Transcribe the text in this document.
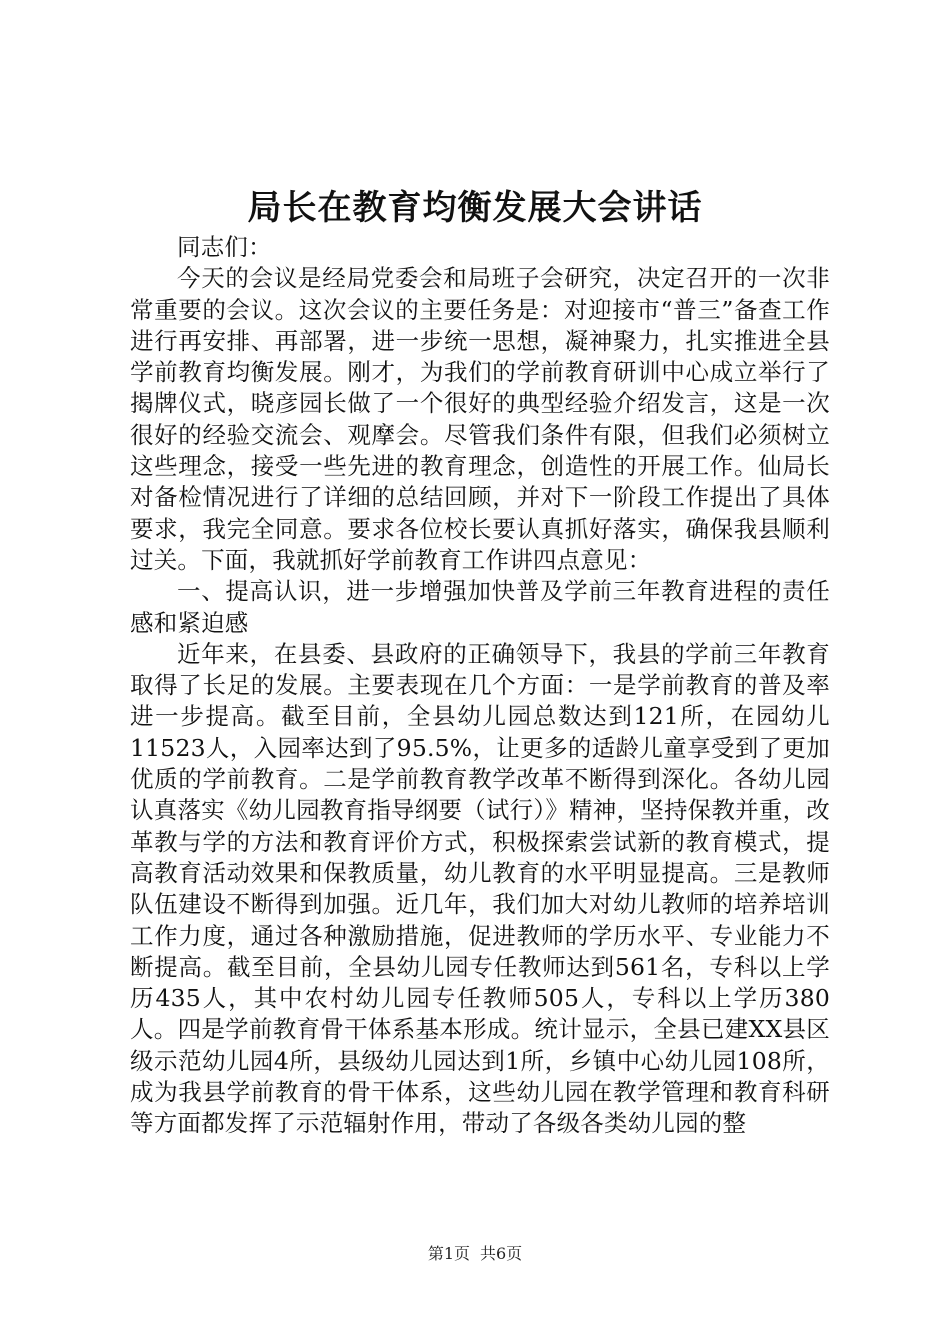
局长在教育均衡发展大会讲话

同志们：

今天的会议是经局党委会和局班子会研究，决定召开的一次非常重要的会议。这次会议的主要任务是：对迎接市“普三”备查工作进行再安排、再部署，进一步统一思想，凝神聚力，扎实推进全县学前教育均衡发展。刚才，为我们的学前教育研训中心成立举行了揭牌仪式，晓彦园长做了一个很好的典型经验介绍发言，这是一次很好的经验交流会、观摩会。尽管我们条件有限，但我们必须树立这些理念，接受一些先进的教育理念，创造性的开展工作。仙局长对备检情况进行了详细的总结回顾，并对下一阶段工作提出了具体要求，我完全同意。要求各位校长要认真抓好落实，确保我县顺利过关。下面，我就抓好学前教育工作讲四点意见：

一、提高认识，进一步增强加快普及学前三年教育进程的责任感和紧迫感

近年来，在县委、县政府的正确领导下，我县的学前三年教育取得了长足的发展。主要表现在几个方面：一是学前教育的普及率进一步提高。截至目前，全县幼儿园总数达到121所，在园幼儿11523人，入园率达到了95.5%，让更多的适龄儿童享受到了更加优质的学前教育。二是学前教育教学改革不断得到深化。各幼儿园认真落实《幼儿园教育指导纲要（试行）》精神，坚持保教并重，改革教与学的方法和教育评价方式，积极探索尝试新的教育模式，提高教育活动效果和保教质量，幼儿教育的水平明显提高。三是教师队伍建设不断得到加强。近几年，我们加大对幼儿教师的培养培训工作力度，通过各种激励措施，促进教师的学历水平、专业能力不断提高。截至目前，全县幼儿园专任教师达到561名，专科以上学历435人，其中农村幼儿园专任教师505人，专科以上学历380人。四是学前教育骨干体系基本形成。统计显示，全县已建XX县区级示范幼儿园4所，县级幼儿园达到1所，乡镇中心幼儿园108所，成为我县学前教育的骨干体系，这些幼儿园在教学管理和教育科研等方面都发挥了示范辐射作用，带动了各级各类幼儿园的整

第1页 共6页
